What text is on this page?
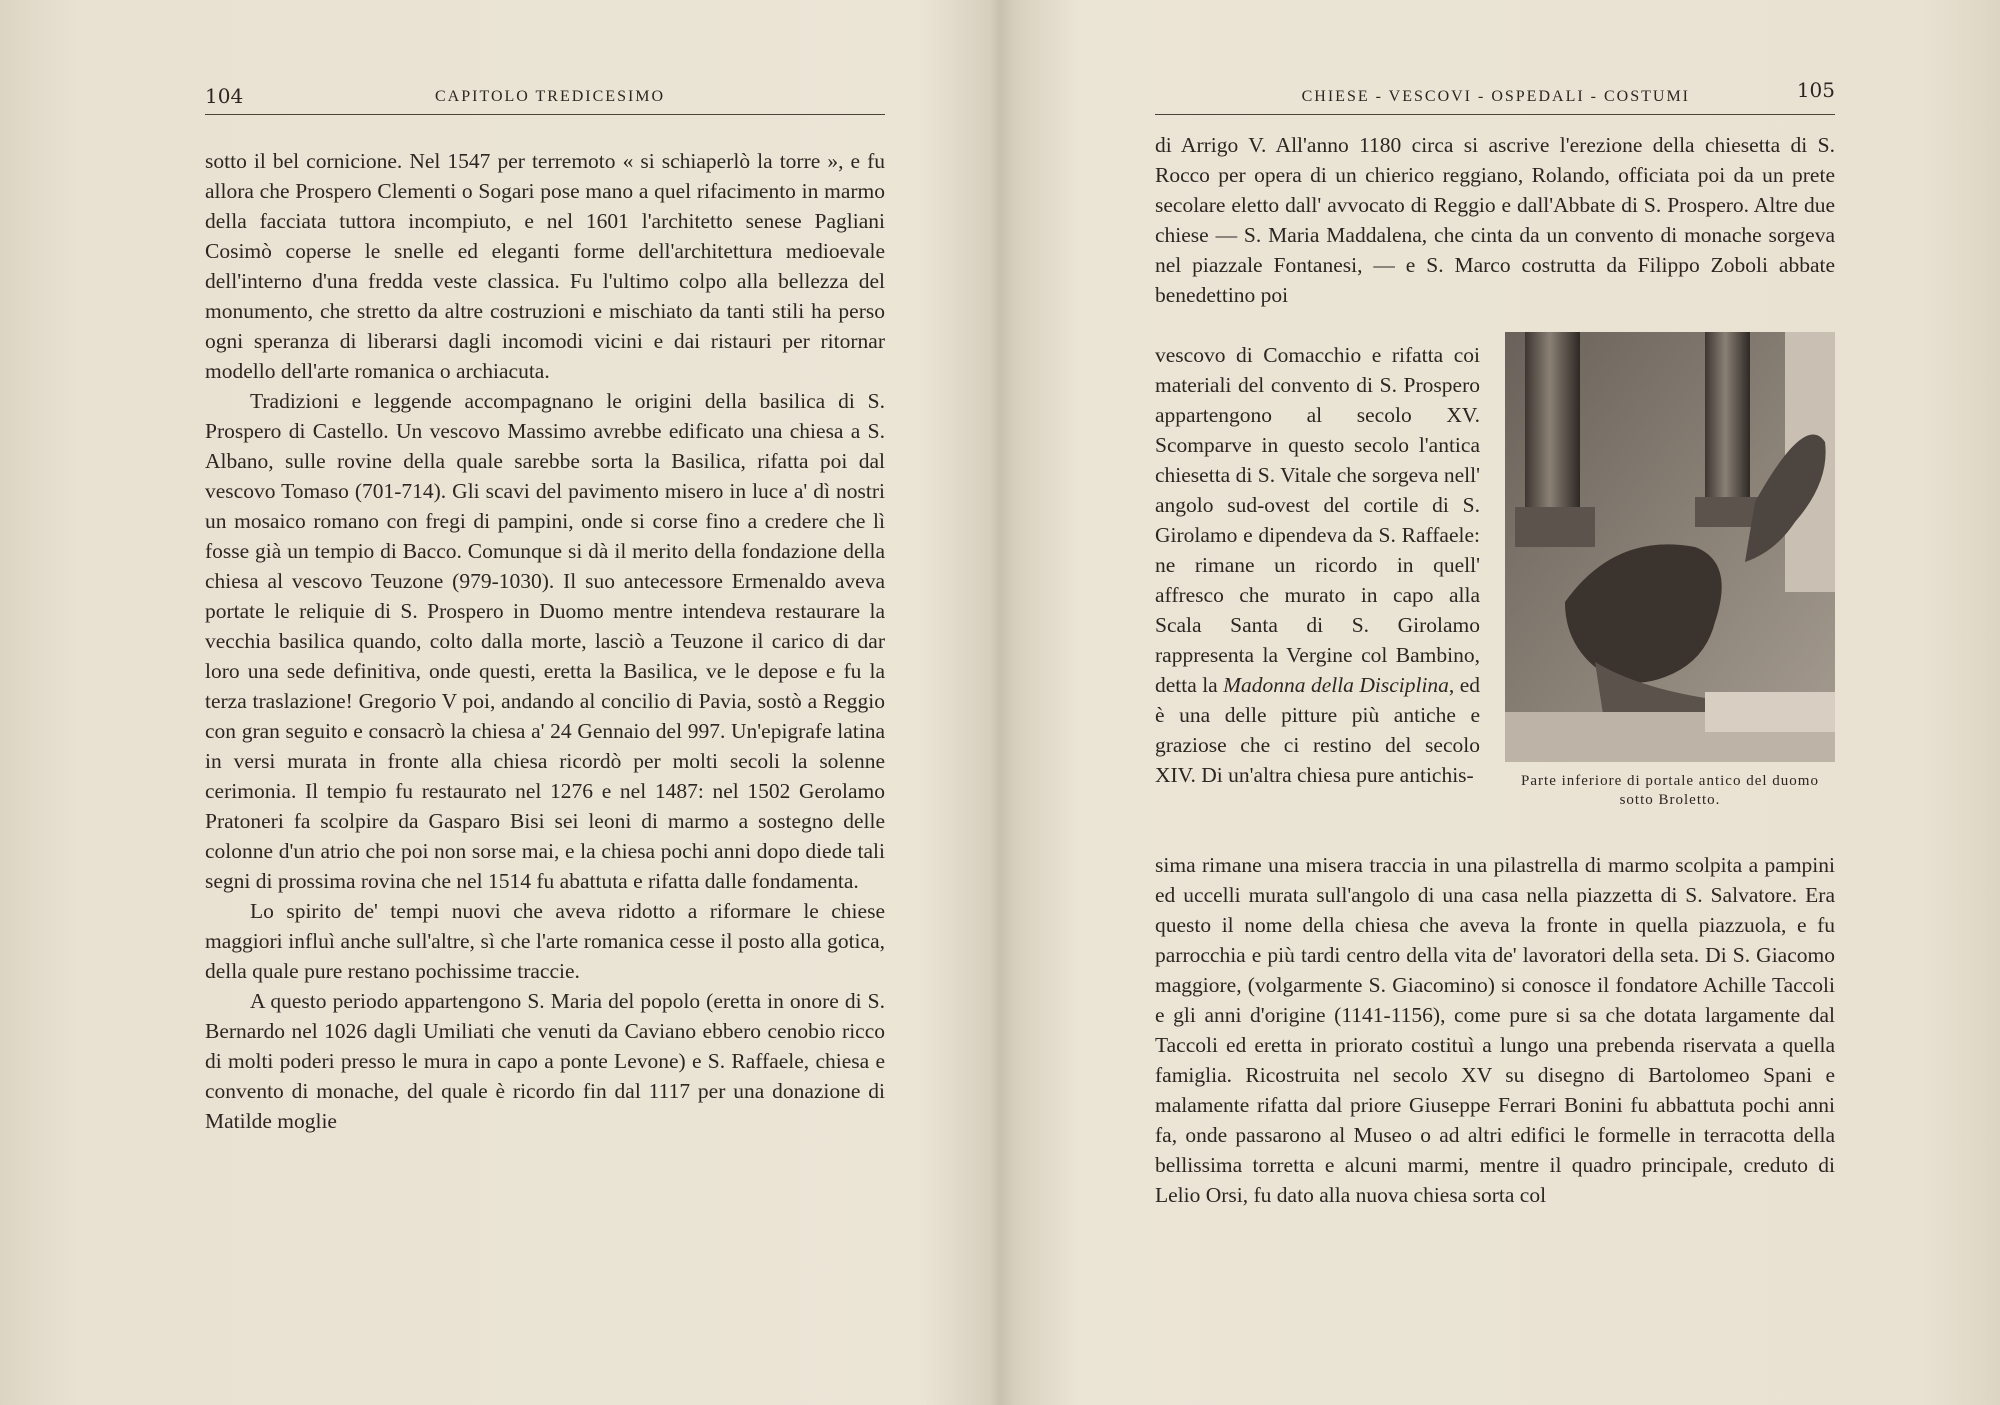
104	CAPITOLO TREDICESIMO

sotto il bel cornicione. Nel 1547 per terremoto « si schiaperlò la torre », e fu allora che Prospero Clementi o Sogari pose mano a quel rifacimento in marmo della facciata tuttora incompiuto, e nel 1601 l'architetto senese Pagliani Cosimò coperse le snelle ed eleganti forme dell'architettura medioevale dell'interno d'una fredda veste classica. Fu l'ultimo colpo alla bellezza del monumento, che stretto da altre costruzioni e mischiato da tanti stili ha perso ogni speranza di liberarsi dagli incomodi vicini e dai ristauri per ritornar modello dell'arte romanica o archiacuta.

Tradizioni e leggende accompagnano le origini della basilica di S. Prospero di Castello. Un vescovo Massimo avrebbe edificato una chiesa a S. Albano, sulle rovine della quale sarebbe sorta la Basilica, rifatta poi dal vescovo Tomaso (701-714). Gli scavi del pavimento misero in luce a' dì nostri un mosaico romano con fregi di pampini, onde si corse fino a credere che lì fosse già un tempio di Bacco. Comunque si dà il merito della fondazione della chiesa al vescovo Teuzone (979-1030). Il suo antecessore Ermenaldo aveva portate le reliquie di S. Prospero in Duomo mentre intendeva restaurare la vecchia basilica quando, colto dalla morte, lasciò a Teuzone il carico di dar loro una sede definitiva, onde questi, eretta la Basilica, ve le depose e fu la terza traslazione! Gregorio V poi, andando al concilio di Pavia, sostò a Reggio con gran seguito e consacrò la chiesa a' 24 Gennaio del 997. Un'epigrafe latina in versi murata in fronte alla chiesa ricordò per molti secoli la solenne cerimonia. Il tempio fu restaurato nel 1276 e nel 1487: nel 1502 Gerolamo Pratoneri fa scolpire da Gasparo Bisi sei leoni di marmo a sostegno delle colonne d'un atrio che poi non sorse mai, e la chiesa pochi anni dopo diede tali segni di prossima rovina che nel 1514 fu abattuta e rifatta dalle fondamenta.

Lo spirito de' tempi nuovi che aveva ridotto a riformare le chiese maggiori influì anche sull'altre, sì che l'arte romanica cesse il posto alla gotica, della quale pure restano pochissime traccie.

A questo periodo appartengono S. Maria del popolo (eretta in onore di S. Bernardo nel 1026 dagli Umiliati che venuti da Caviano ebbero cenobio ricco di molti poderi presso le mura in capo a ponte Levone) e S. Raffaele, chiesa e convento di monache, del quale è ricordo fin dal 1117 per una donazione di Matilde moglie

CHIESE - VESCOVI - OSPEDALI - COSTUMI	105

di Arrigo V. All'anno 1180 circa si ascrive l'erezione della chiesetta di S. Rocco per opera di un chierico reggiano, Rolando, officiata poi da un prete secolare eletto dall' avvocato di Reggio e dall'Abbate di S. Prospero. Altre due chiese — S. Maria Maddalena, che cinta da un convento di monache sorgeva nel piazzale Fontanesi, — e S. Marco costrutta da Filippo Zoboli abbate benedettino poi

vescovo di Comacchio e rifatta coi materiali del convento di S. Prospero appartengono al secolo XV. Scomparve in questo secolo l'antica chiesetta di S. Vitale che sorgeva nell' angolo sud-ovest del cortile di S. Girolamo e dipendeva da S. Raffaele: ne rimane un ricordo in quell' affresco che murato in capo alla Scala Santa di S. Girolamo rappresenta la Vergine col Bambino, detta la Madonna della Disciplina, ed è una delle pitture più antiche e graziose che ci restino del secolo XIV. Di un'altra chiesa pure antichis-	Parte inferiore di portale antico del duomo sotto Broletto.

sima rimane una misera traccia in una pilastrella di marmo scolpita a pampini ed uccelli murata sull'angolo di una casa nella piazzetta di S. Salvatore. Era questo il nome della chiesa che aveva la fronte in quella piazzuola, e fu parrocchia e più tardi centro della vita de' lavoratori della seta. Di S. Giacomo maggiore, (volgarmente S. Giacomino) si conosce il fondatore Achille Taccoli e gli anni d'origine (1141-1156), come pure si sa che dotata largamente dal Taccoli ed eretta in priorato costituì a lungo una prebenda riservata a quella famiglia. Ricostruita nel secolo XV su disegno di Bartolomeo Spani e malamente rifatta dal priore Giuseppe Ferrari Bonini fu abbattuta pochi anni fa, onde passarono al Museo o ad altri edifici le formelle in terracotta della bellissima torretta e alcuni marmi, mentre il quadro principale, creduto di Lelio Orsi, fu dato alla nuova chiesa sorta col
